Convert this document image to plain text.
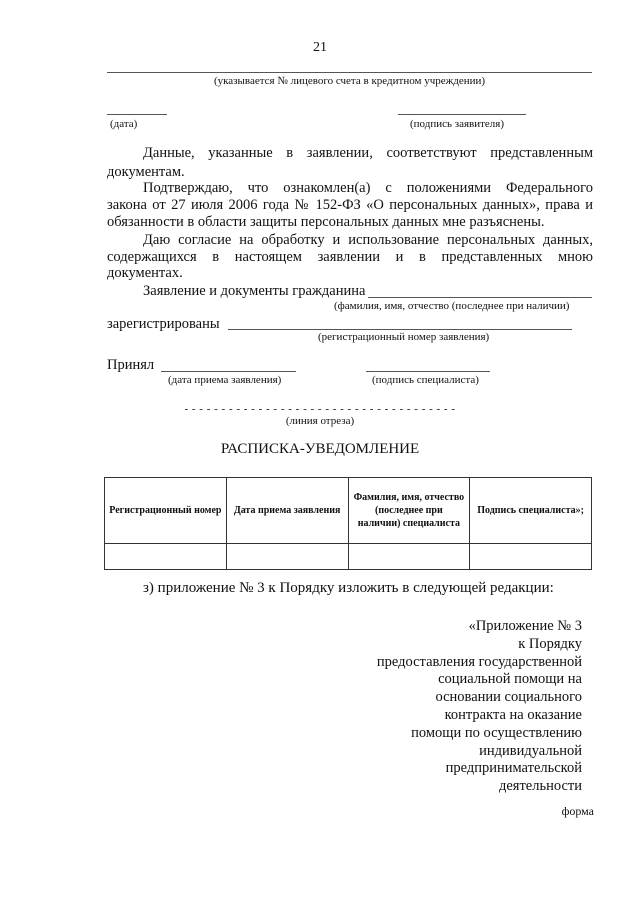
21
(указывается № лицевого счета в кредитном учреждении)
(дата)	(подпись заявителя)
Данные, указанные в заявлении, соответствуют представленным
документам.
Подтверждаю, что ознакомлен(а) с положениями Федерального
закона от 27 июля 2006 года № 152-ФЗ «О персональных данных», права и
обязанности в области защиты персональных данных мне разъяснены.
Даю согласие на обработку и использование персональных данных,
содержащихся в настоящем заявлении и в представленных мною
документах.
Заявление и документы гражданина
(фамилия, имя, отчество (последнее при наличии)
зарегистрированы
(регистрационный номер заявления)
Принял
(дата приема заявления)	(подпись специалиста)
- - - - - - - - - - - - - - - - - - - - - - - - - - - - - - - - - - - - -
(линия отреза)
РАСПИСКА-УВЕДОМЛЕНИЕ
Регистрационный номер	Дата приема заявления	Фамилия, имя, отчество (последнее при наличии) специалиста	Подпись специалиста»;

з) приложение № 3 к Порядку изложить в следующей редакции:
«Приложение № 3
к Порядку
предоставления государственной
социальной помощи на
основании социального
контракта на оказание
помощи по осуществлению
индивидуальной
предпринимательской
деятельности
форма
